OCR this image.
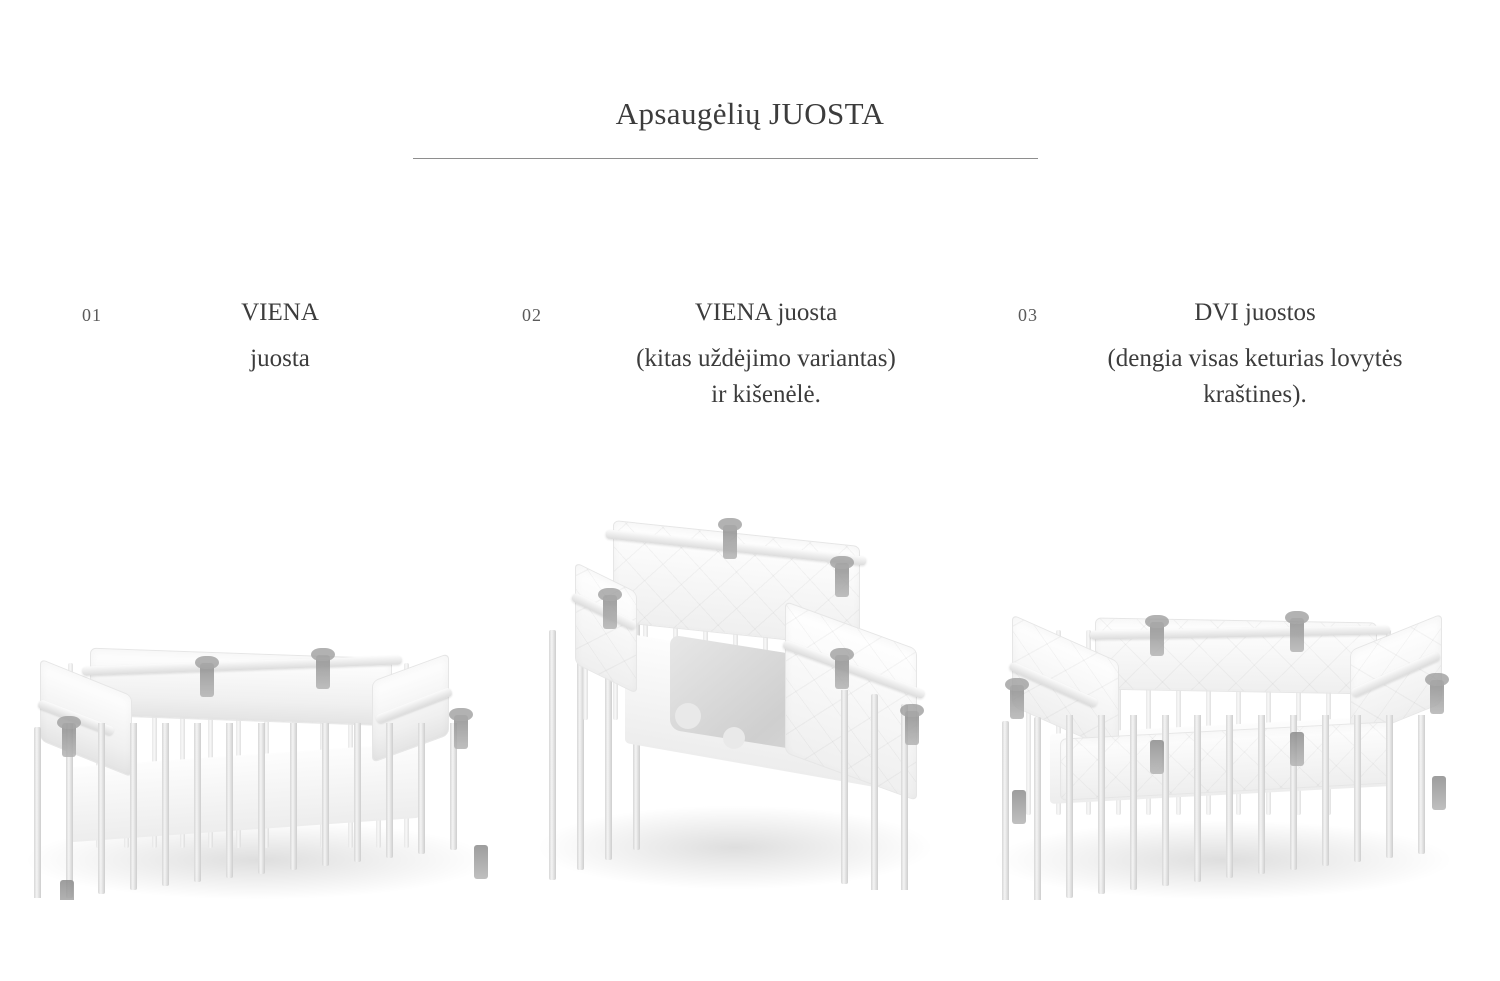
Apsaugėlių JUOSTA
01	VIENA
juosta
02	VIENA juosta
(kitas uždėjimo variantas)
ir kišenėlė.
03	DVI juostos
(dengia visas keturias lovytės
kraštines).
